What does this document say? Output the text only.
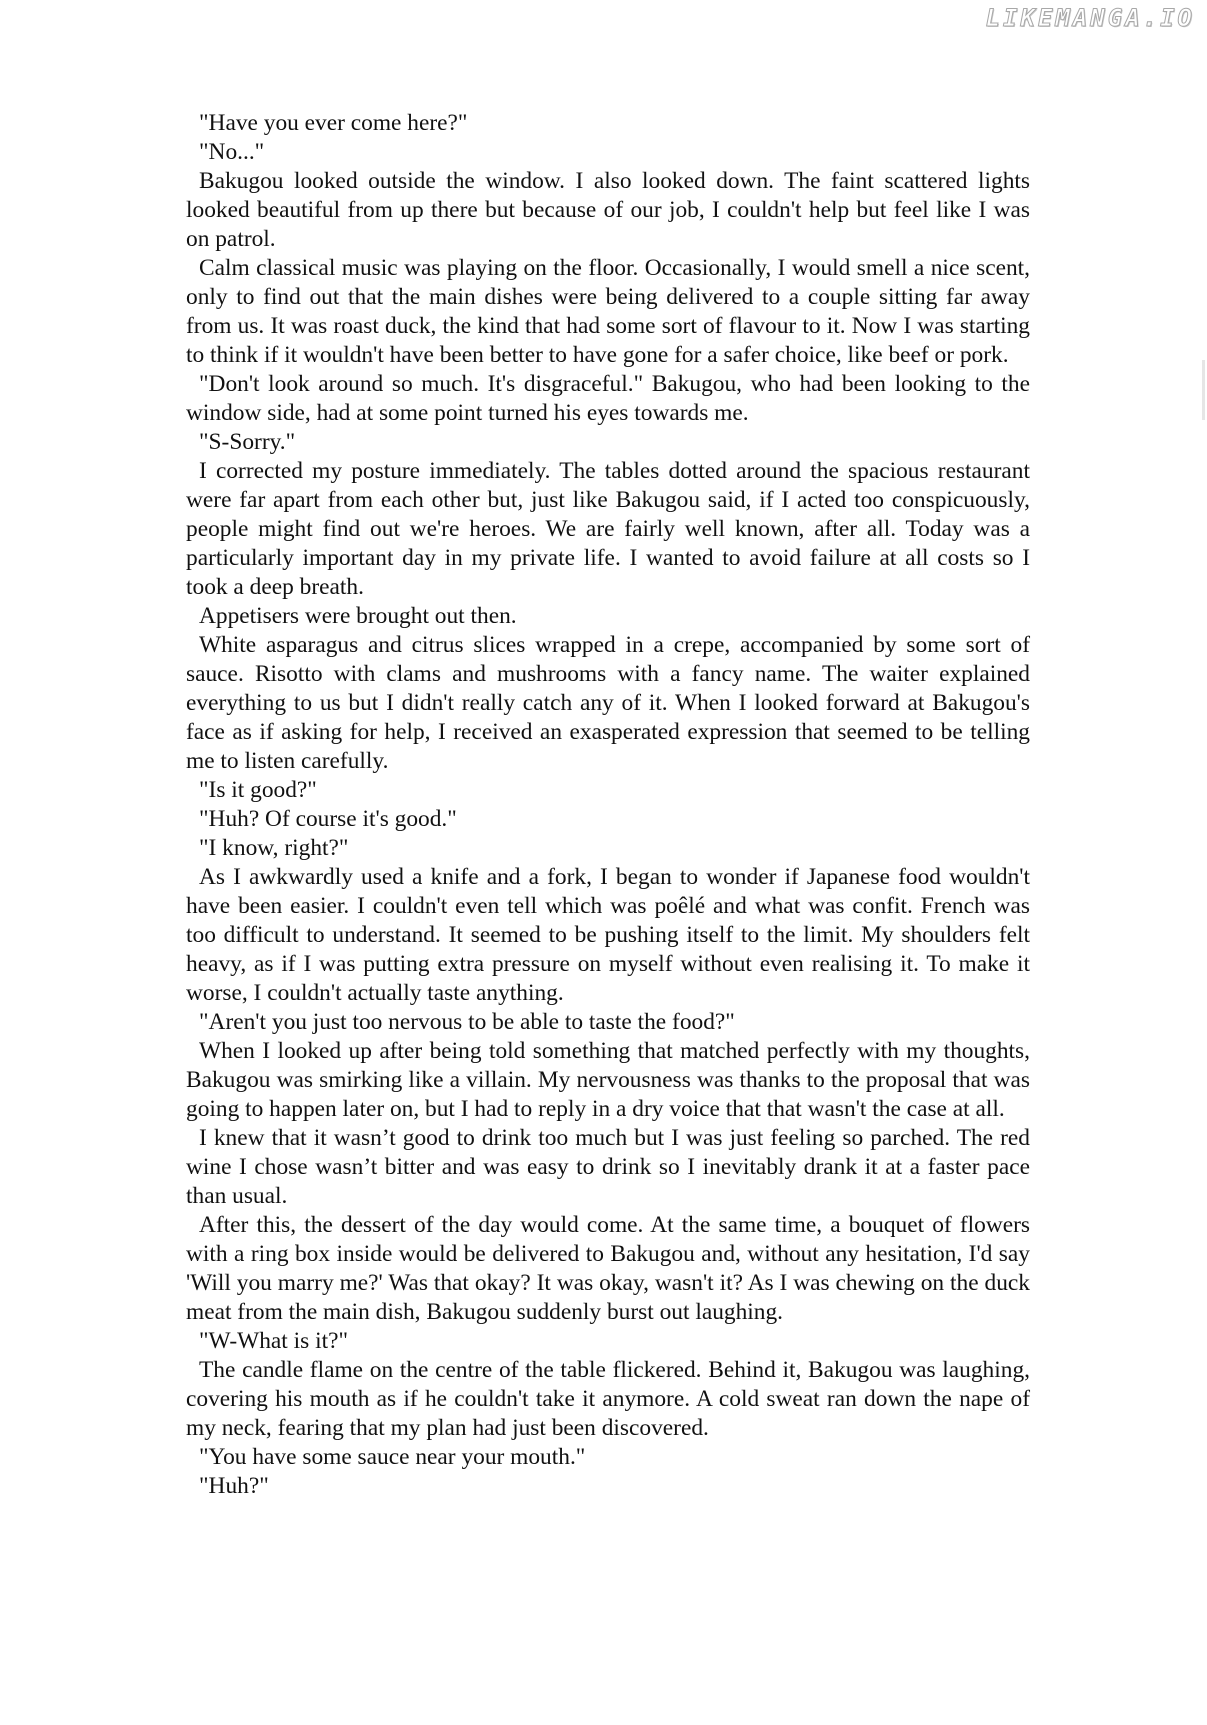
LIKEMANGA.IO

"Have you ever come here?"

"No..."

Bakugou looked outside the window. I also looked down. The faint scattered lights looked beautiful from up there but because of our job, I couldn't help but feel like I was on patrol.

Calm classical music was playing on the floor. Occasionally, I would smell a nice scent, only to find out that the main dishes were being delivered to a couple sitting far away from us. It was roast duck, the kind that had some sort of flavour to it. Now I was starting to think if it wouldn't have been better to have gone for a safer choice, like beef or pork.

"Don't look around so much. It's disgraceful." Bakugou, who had been looking to the window side, had at some point turned his eyes towards me.

"S-Sorry."

I corrected my posture immediately. The tables dotted around the spacious restaurant were far apart from each other but, just like Bakugou said, if I acted too conspicuously, people might find out we're heroes. We are fairly well known, after all. Today was a particularly important day in my private life. I wanted to avoid failure at all costs so I took a deep breath.

Appetisers were brought out then.

White asparagus and citrus slices wrapped in a crepe, accompanied by some sort of sauce. Risotto with clams and mushrooms with a fancy name. The waiter explained everything to us but I didn't really catch any of it. When I looked forward at Bakugou's face as if asking for help, I received an exasperated expression that seemed to be telling me to listen carefully.

"Is it good?"

"Huh? Of course it's good."

"I know, right?"

As I awkwardly used a knife and a fork, I began to wonder if Japanese food wouldn't have been easier. I couldn't even tell which was poêlé and what was confit. French was too difficult to understand. It seemed to be pushing itself to the limit. My shoulders felt heavy, as if I was putting extra pressure on myself without even realising it. To make it worse, I couldn't actually taste anything.

"Aren't you just too nervous to be able to taste the food?"

When I looked up after being told something that matched perfectly with my thoughts, Bakugou was smirking like a villain. My nervousness was thanks to the proposal that was going to happen later on, but I had to reply in a dry voice that that wasn't the case at all.

I knew that it wasn’t good to drink too much but I was just feeling so parched. The red wine I chose wasn’t bitter and was easy to drink so I inevitably drank it at a faster pace than usual.

After this, the dessert of the day would come. At the same time, a bouquet of flowers with a ring box inside would be delivered to Bakugou and, without any hesitation, I'd say 'Will you marry me?' Was that okay? It was okay, wasn't it? As I was chewing on the duck meat from the main dish, Bakugou suddenly burst out laughing.

"W-What is it?"

The candle flame on the centre of the table flickered. Behind it, Bakugou was laughing, covering his mouth as if he couldn't take it anymore. A cold sweat ran down the nape of my neck, fearing that my plan had just been discovered.

"You have some sauce near your mouth."

"Huh?"
